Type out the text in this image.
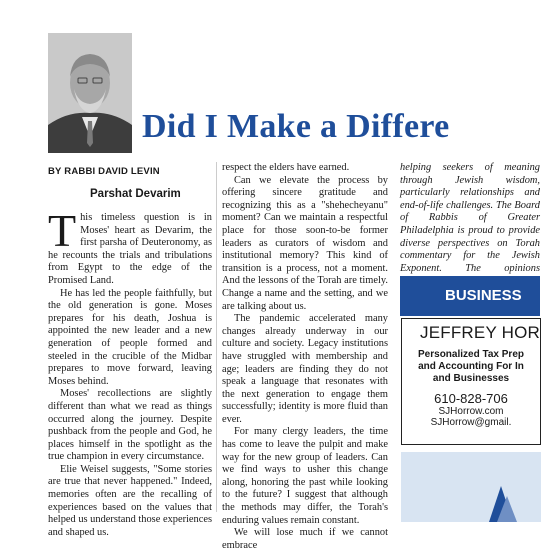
Did I Make a Differe
BY RABBI DAVID LEVIN
Parshat Devarim

This timeless question is in Moses' heart as Devarim, the first parsha of Deuteronomy, as he recounts the trials and tribulations from Egypt to the edge of the Promised Land.

He has led the people faithfully, but the old generation is gone. Moses prepares for his death, Joshua is appointed the new leader and a new generation of people formed and steeled in the crucible of the Midbar prepares to move forward, leaving Moses behind.

Moses' recollections are slightly different than what we read as things occurred along the journey. Despite pushback from the people and God, he places himself in the spotlight as the true champion in every circumstance.

Elie Weisel suggests, "Some stories are true that never happened." Indeed, memories often are the recalling of experiences based on the values that helped us understand those experiences and shaped us.

respect the elders have earned.

Can we elevate the process by offering sincere gratitude and recognizing this as a "shehecheyanu" moment? Can we maintain a respectful place for those soon-to-be former leaders as curators of wisdom and institutional memory? This kind of transition is a process, not a moment. And the lessons of the Torah are timely. Change a name and the setting, and we are talking about us.

The pandemic accelerated many changes already underway in our culture and society. Legacy institutions have struggled with membership and age; leaders are finding they do not speak a language that resonates with the next generation to engage them successfully; identity is more fluid than ever.

For many clergy leaders, the time has come to leave the pulpit and make way for the new group of leaders. Can we find ways to usher this change along, honoring the past while looking to the future? I suggest that although the methods may differ, the Torah's enduring values remain constant.

We will lose much if we cannot embrace

helping seekers of meaning through Jewish wisdom, particularly relationships and end-of-life challenges. The Board of Rabbis of Greater Philadelphia is proud to provide diverse perspectives on Torah commentary for the Jewish Exponent. The opinions
BUSINESS
JEFFREY HOR
Personalized Tax Prep
and Accounting For In
and Businesses
610-828-706
SJHorrow.com
SJHorrow@gmail.
